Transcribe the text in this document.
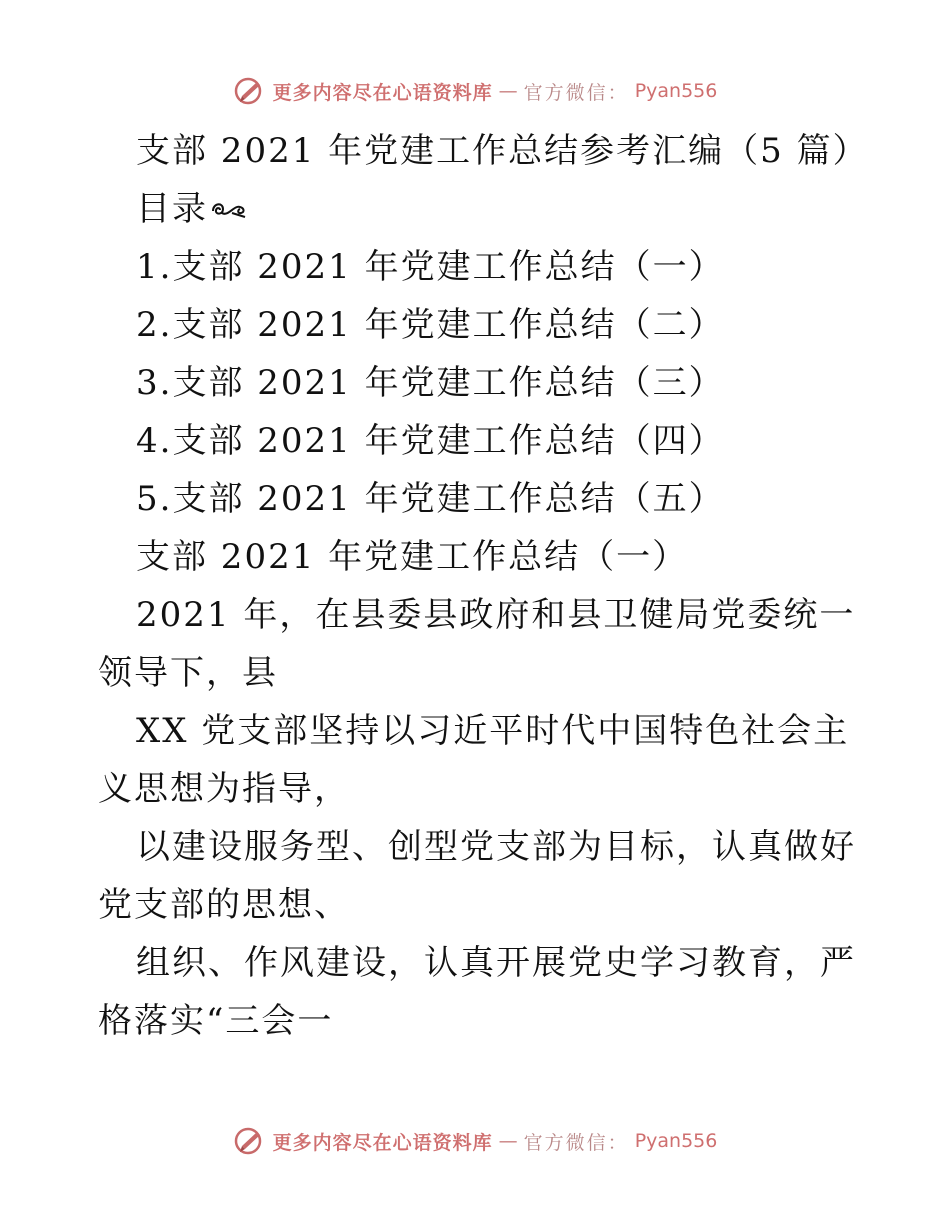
更多内容尽在心语资料库 — 官方微信： Pyan556
支部 2021 年党建工作总结参考汇编（5 篇）
目录
1.支部 2021 年党建工作总结（一）
2.支部 2021 年党建工作总结（二）
3.支部 2021 年党建工作总结（三）
4.支部 2021 年党建工作总结（四）
5.支部 2021 年党建工作总结（五）
支部 2021 年党建工作总结（一）
2021 年，在县委县政府和县卫健局党委统一领导下，县
XX 党支部坚持以习近平时代中国特色社会主义思想为指导，
以建设服务型、创型党支部为目标，认真做好党支部的思想、
组织、作风建设，认真开展党史学习教育，严格落实“三会一
更多内容尽在心语资料库 — 官方微信： Pyan556
